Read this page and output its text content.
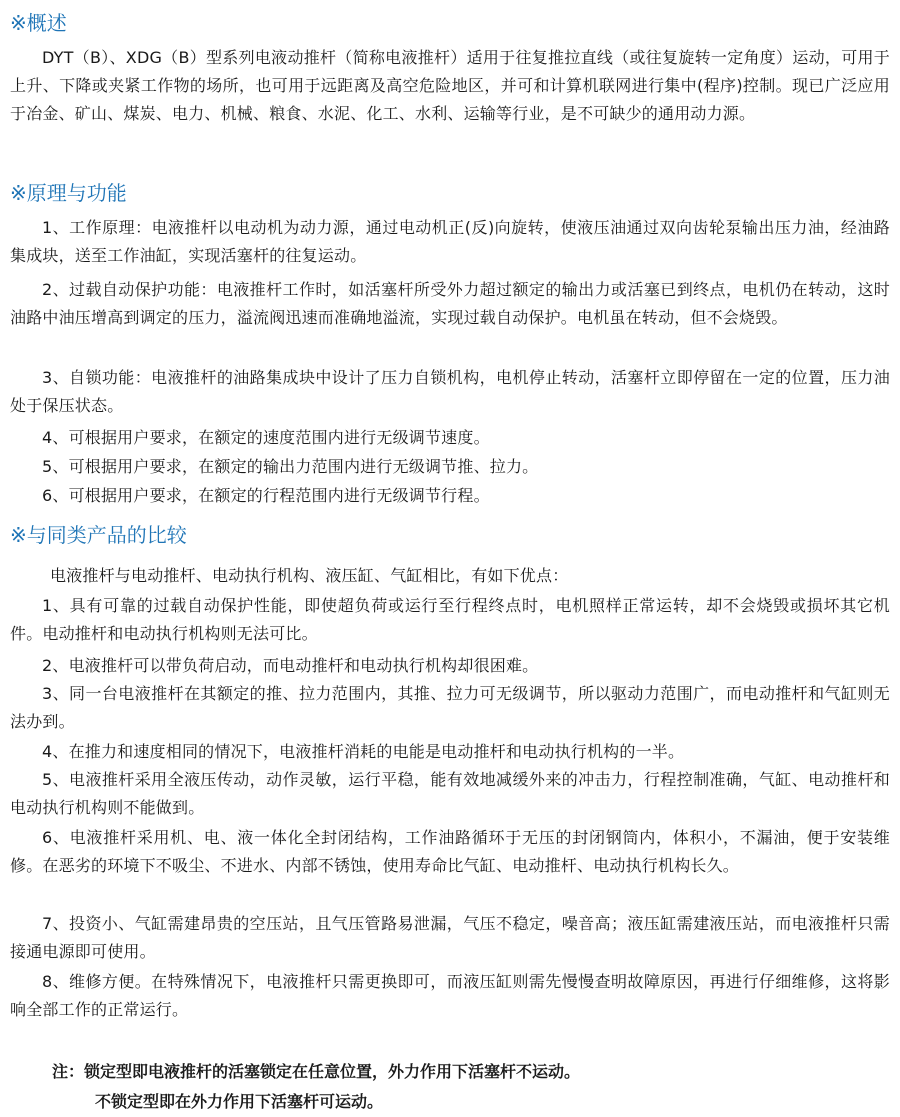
※概述

DYT（B）、XDG（B）型系列电液动推杆（简称电液推杆）适用于往复推拉直线（或往复旋转一定角度）运动，可用于上升、下降或夹紧工作物的场所，也可用于远距离及高空危险地区，并可和计算机联网进行集中(程序)控制。现已广泛应用于冶金、矿山、煤炭、电力、机械、粮食、水泥、化工、水利、运输等行业，是不可缺少的通用动力源。

※原理与功能

1、工作原理：电液推杆以电动机为动力源，通过电动机正(反)向旋转，使液压油通过双向齿轮泵输出压力油，经油路集成块，送至工作油缸，实现活塞杆的往复运动。

2、过载自动保护功能：电液推杆工作时，如活塞杆所受外力超过额定的输出力或活塞已到终点，电机仍在转动，这时油路中油压增高到调定的压力，溢流阀迅速而准确地溢流，实现过载自动保护。电机虽在转动，但不会烧毁。

3、自锁功能：电液推杆的油路集成块中设计了压力自锁机构，电机停止转动，活塞杆立即停留在一定的位置，压力油处于保压状态。

4、可根据用户要求，在额定的速度范围内进行无级调节速度。

5、可根据用户要求，在额定的输出力范围内进行无级调节推、拉力。

6、可根据用户要求，在额定的行程范围内进行无级调节行程。

※与同类产品的比较

电液推杆与电动推杆、电动执行机构、液压缸、气缸相比，有如下优点：

1、具有可靠的过载自动保护性能，即使超负荷或运行至行程终点时，电机照样正常运转，却不会烧毁或损坏其它机件。电动推杆和电动执行机构则无法可比。

2、电液推杆可以带负荷启动，而电动推杆和电动执行机构却很困难。

3、同一台电液推杆在其额定的推、拉力范围内，其推、拉力可无级调节，所以驱动力范围广，而电动推杆和气缸则无法办到。

4、在推力和速度相同的情况下，电液推杆消耗的电能是电动推杆和电动执行机构的一半。

5、电液推杆采用全液压传动，动作灵敏，运行平稳，能有效地减缓外来的冲击力，行程控制准确，气缸、电动推杆和电动执行机构则不能做到。

6、电液推杆采用机、电、液一体化全封闭结构，工作油路循环于无压的封闭钢筒内，体积小，不漏油，便于安装维修。在恶劣的环境下不吸尘、不进水、内部不锈蚀，使用寿命比气缸、电动推杆、电动执行机构长久。

7、投资小、气缸需建昂贵的空压站，且气压管路易泄漏，气压不稳定，噪音高；液压缸需建液压站，而电液推杆只需接通电源即可使用。

8、维修方便。在特殊情况下，电液推杆只需更换即可，而液压缸则需先慢慢查明故障原因，再进行仔细维修，这将影响全部工作的正常运行。

注：锁定型即电液推杆的活塞锁定在任意位置，外力作用下活塞杆不运动。

不锁定型即在外力作用下活塞杆可运动。
